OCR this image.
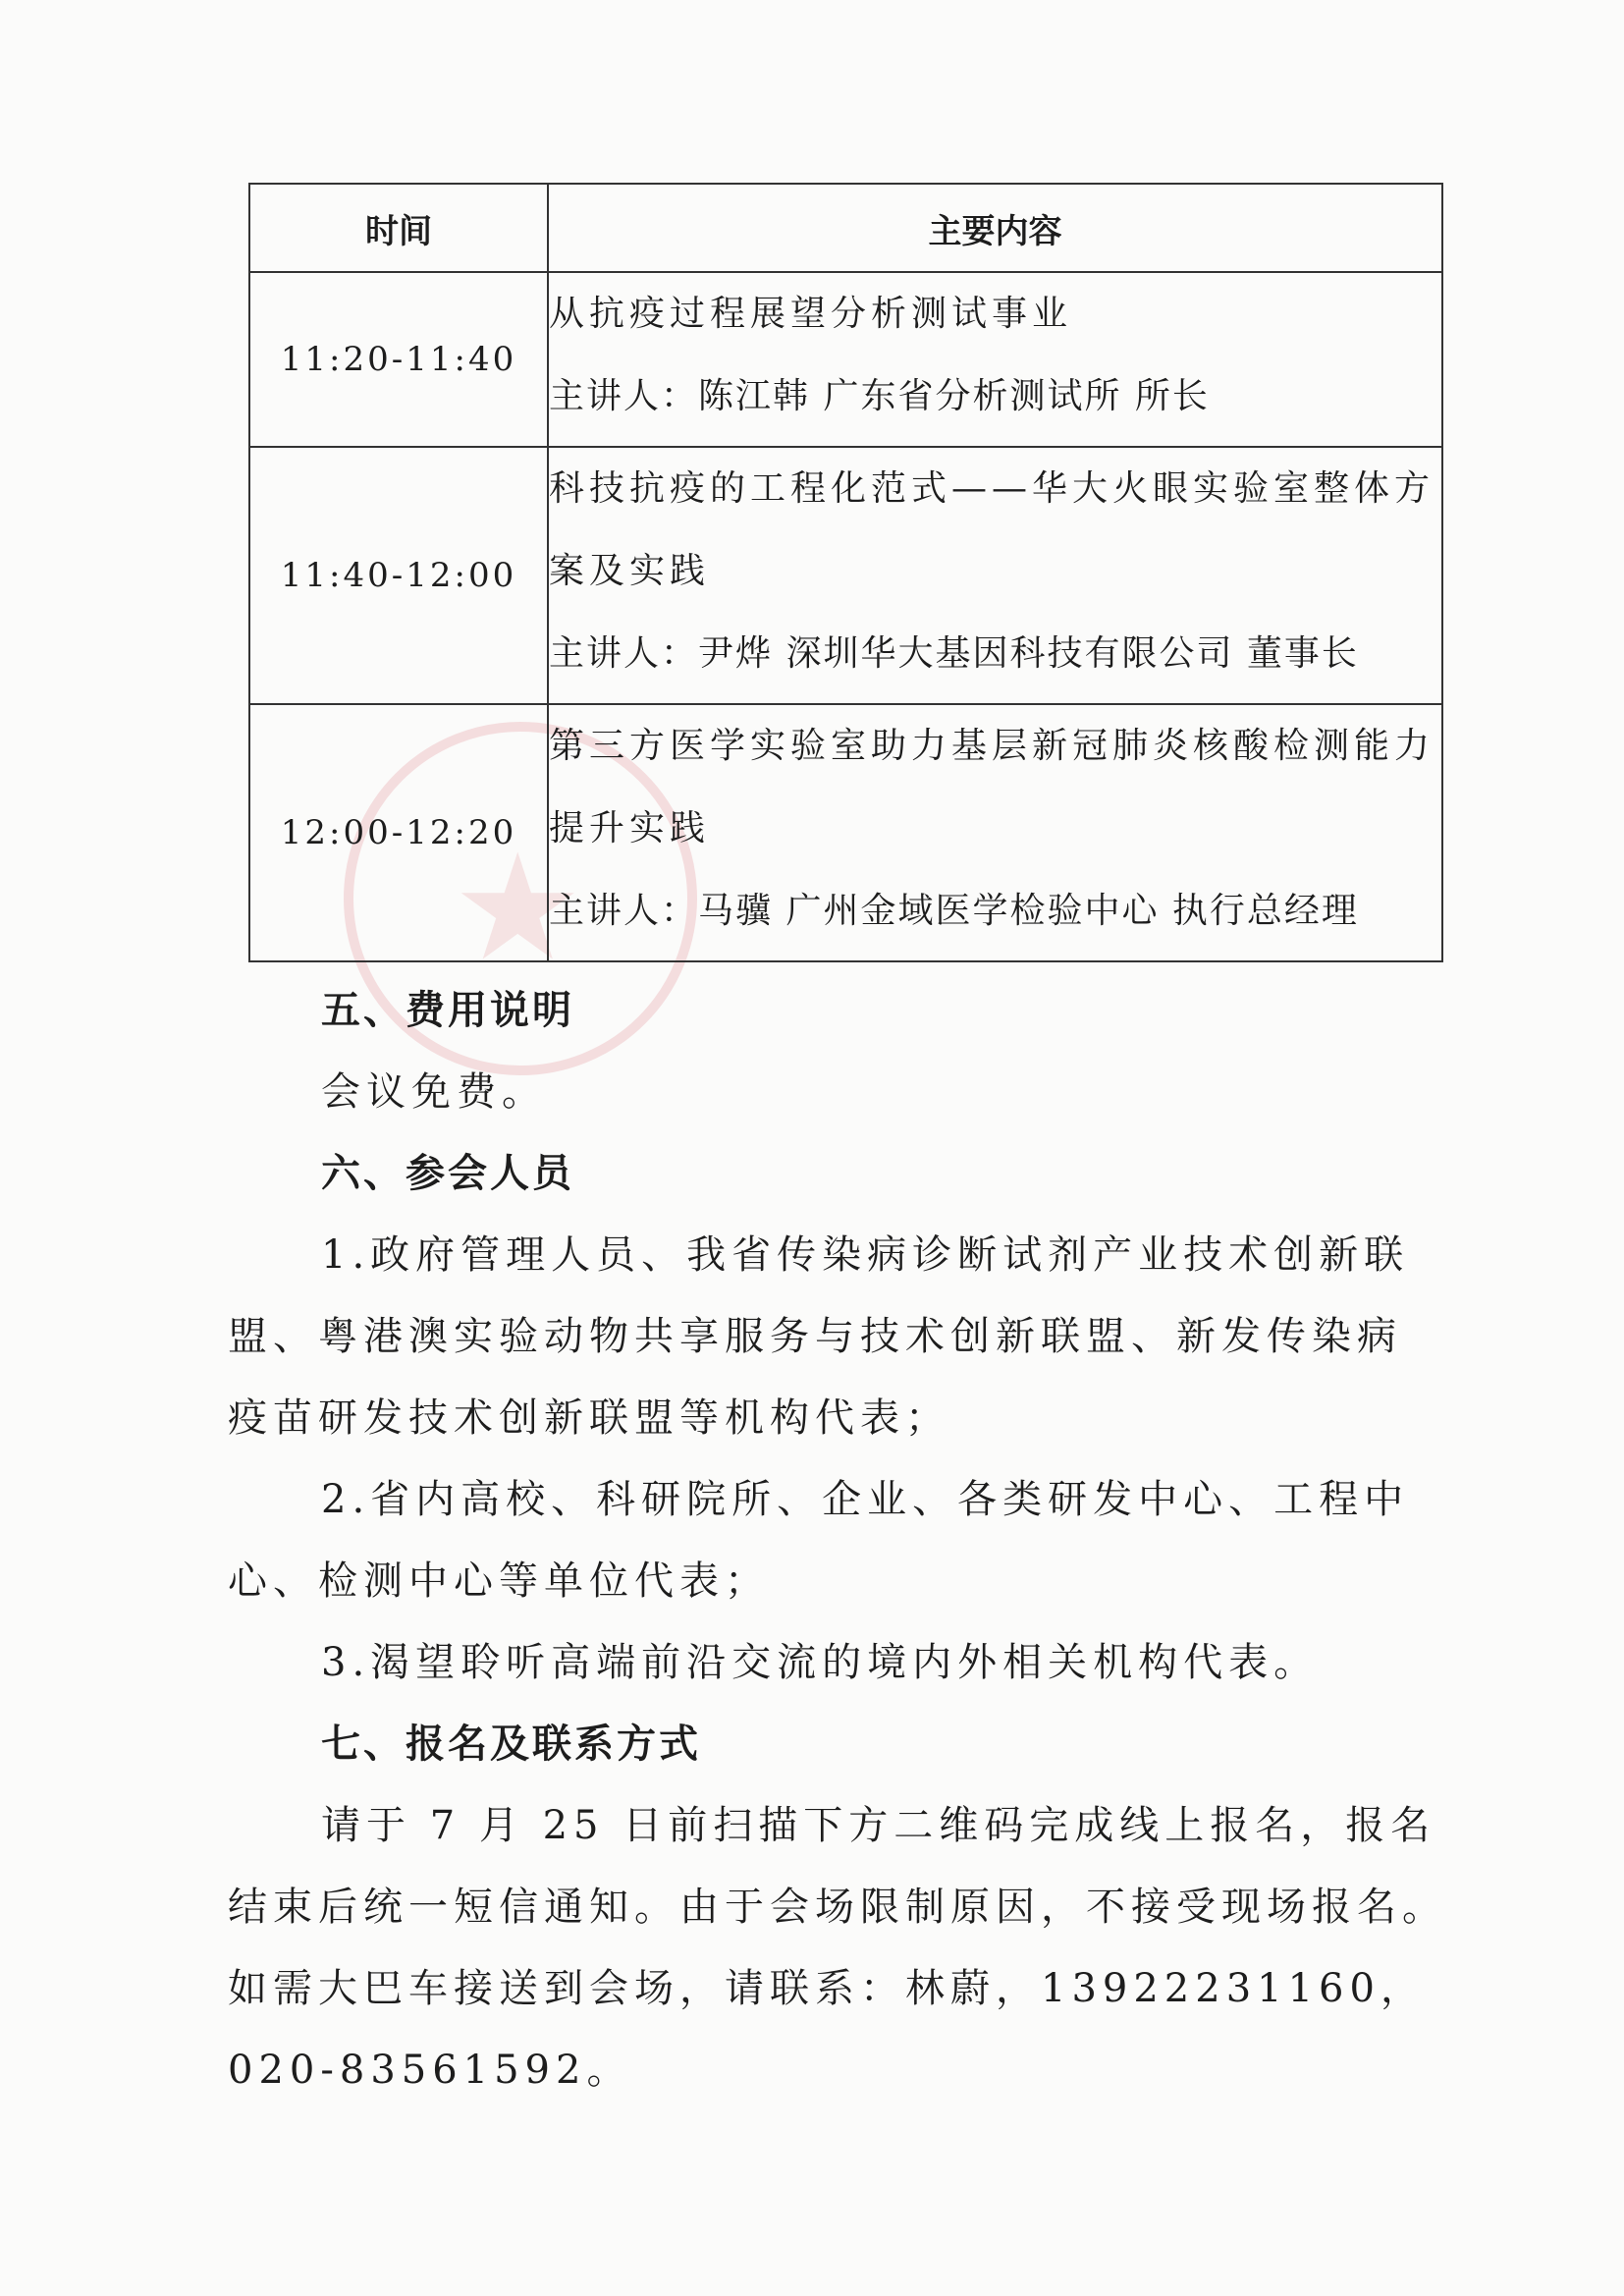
★
时间	主要内容
11:20-11:40	从抗疫过程展望分析测试事业
主讲人：陈江韩 广东省分析测试所 所长

11:40-12:00	科技抗疫的工程化范式——华大火眼实验室整体方
案及实践
主讲人：尹烨 深圳华大基因科技有限公司 董事长

12:00-12:20	第三方医学实验室助力基层新冠肺炎核酸检测能力
提升实践
主讲人：马骥 广州金域医学检验中心 执行总经理
五、费用说明
会议免费。
六、参会人员
1.政府管理人员、我省传染病诊断试剂产业技术创新联
盟、粤港澳实验动物共享服务与技术创新联盟、新发传染病
疫苗研发技术创新联盟等机构代表；
2.省内高校、科研院所、企业、各类研发中心、工程中
心、检测中心等单位代表；
3.渴望聆听高端前沿交流的境内外相关机构代表。
七、报名及联系方式
请于 7 月 25 日前扫描下方二维码完成线上报名，报名
结束后统一短信通知。由于会场限制原因，不接受现场报名。
如需大巴车接送到会场，请联系：林蔚，13922231160，
020-83561592。
